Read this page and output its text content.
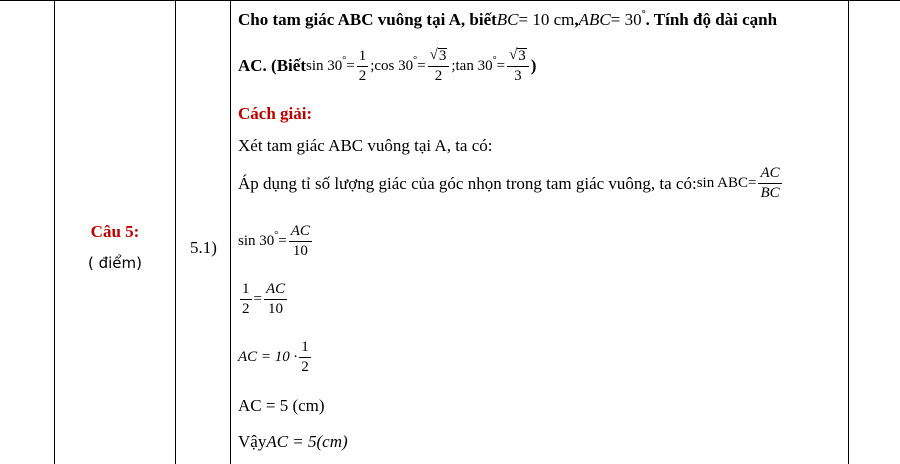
Câu 5:
( điểm)
5.1)
Cho tam giác ABC vuông tại A, biết BC = 10 cm , ABC = 30 ° . Tính độ dài cạnh
AC. (Biết sin 30 ° = $\frac{1}{2}$ ; cos 30 ° = $\frac{√ 3}{2}$ ; tan 30 ° = $\frac{√ 3}{3}$ )
Cách giải:
Xét tam giác ABC vuông tại A, ta có:
Áp dụng tỉ số lượng giác của góc nhọn trong tam giác vuông, ta có: sin ABC = $\frac{AC}{BC}$
sin 30 ° = $\frac{AC}{10}$
$\frac{1}{2} = \frac{AC}{10}$
AC = $10 \cdot \frac{1}{2}$
AC = 5 (cm)
Vậy AC = 5(cm)
